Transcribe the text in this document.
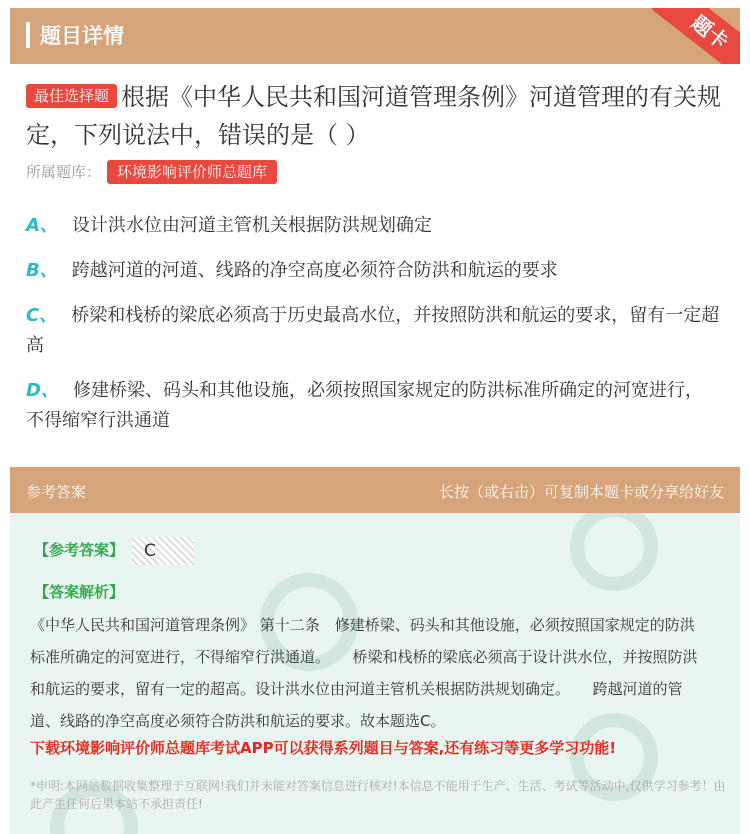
题目详情	题卡
最佳选择题 根据《中华人民共和国河道管理条例》河道管理的有关规定，下列说法中，错误的是（ ）
所属题库： 环境影响评价师总题库
A、 设计洪水位由河道主管机关根据防洪规划确定
B、 跨越河道的河道、线路的净空高度必须符合防洪和航运的要求
C、 桥梁和栈桥的梁底必须高于历史最高水位，并按照防洪和航运的要求，留有一定超高
D、 修建桥梁、码头和其他设施，必须按照国家规定的防洪标准所确定的河宽进行，不得缩窄行洪通道
参考答案	长按（或右击）可复制本题卡或分享给好友
【参考答案】	C
【答案解析】
《中华人民共和国河道管理条例》 第十二条　修建桥梁、码头和其他设施，必须按照国家规定的防洪标准所确定的河宽进行，不得缩窄行洪通道。　　桥梁和栈桥的梁底必须高于设计洪水位，并按照防洪和航运的要求，留有一定的超高。设计洪水位由河道主管机关根据防洪规划确定。　　跨越河道的管道、线路的净空高度必须符合防洪和航运的要求。故本题选C。
下载环境影响评价师总题库考试APP可以获得系列题目与答案,还有练习等更多学习功能!
*申明:本网站数据收集整理于互联网!我们并未能对答案信息进行核对!本信息不能用于生产、生活、考试等活动中,仅供学习参考！由此产生任何后果本站不承担责任!
